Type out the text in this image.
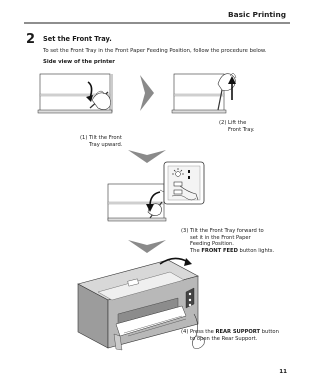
Basic Printing
2 Set the Front Tray.
To set the Front Tray in the Front Paper Feeding Position, follow the procedure below.
Side view of the printer
(2) Lift the
Front Tray.
(1) Tilt the Front
Tray upward.
(3) Tilt the Front Tray forward to
set it in the Front Paper
Feeding Position.
The FRONT FEED button lights.
(4) Press the REAR SUPPORT button
to open the Rear Support.
11
